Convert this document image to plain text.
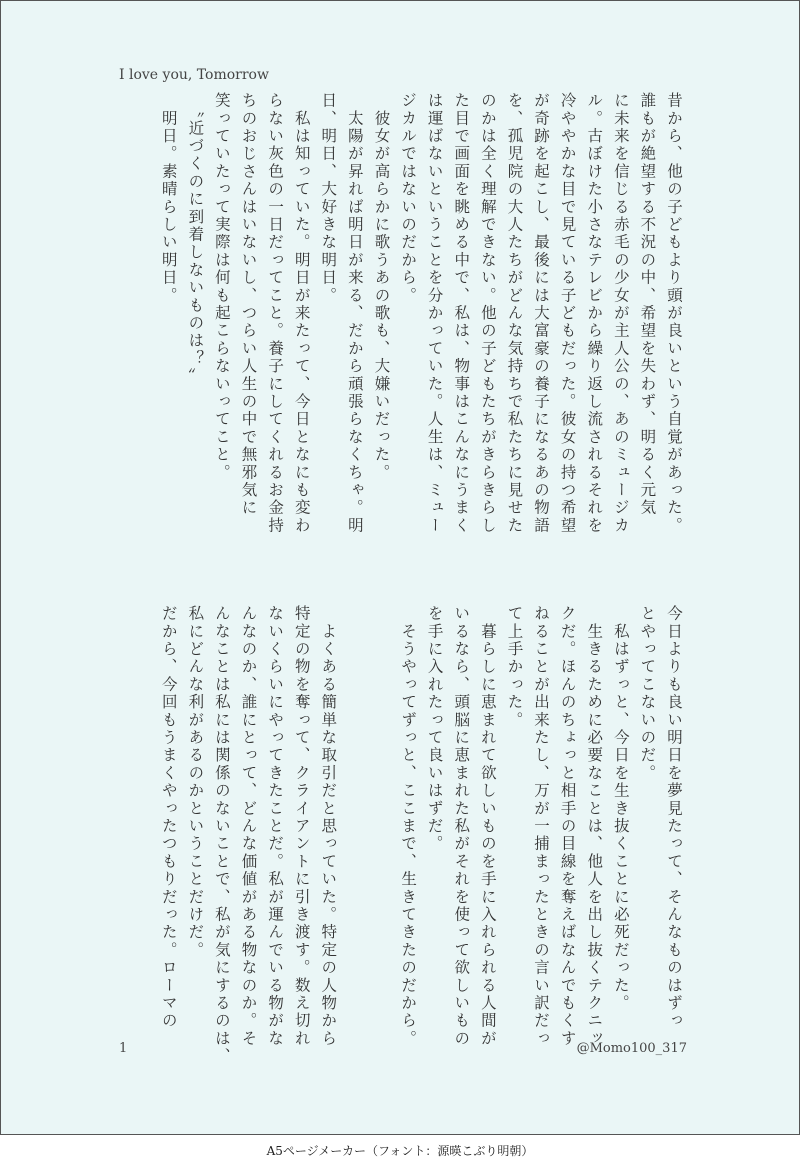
I love you, Tomorrow
昔から、他の子どもより頭が良いという自覚があった。
誰もが絶望する不況の中、希望を失わず、明るく元気
に未来を信じる赤毛の少女が主人公の、あのミュージカ
ル。古ぼけた小さなテレビから繰り返し流されるそれを
冷ややかな目で見ている子どもだった。彼女の持つ希望
が奇跡を起こし、最後には大富豪の養子になるあの物語
を、孤児院の大人たちがどんな気持ちで私たちに見せた
のかは全く理解できない。他の子どもたちがきらきらし
た目で画面を眺める中で、私は、物事はこんなにうまく
は運ばないということを分かっていた。人生は、ミュー
ジカルではないのだから。
　彼女が高らかに歌うあの歌も、大嫌いだった。
　太陽が昇れば明日が来る、だから頑張らなくちゃ。明
日、明日、大好きな明日。
　私は知っていた。明日が来たって、今日となにも変わ
らない灰色の一日だってこと。養子にしてくれるお金持
ちのおじさんはいないし、つらい人生の中で無邪気に
笑っていたって実際は何も起こらないってこと。
　〝近づくのに到着しないものは？〟
　明日。素晴らしい明日。
今日よりも良い明日を夢見たって、そんなものはずっ
とやってこないのだ。
　私はずっと、今日を生き抜くことに必死だった。
　生きるために必要なことは、他人を出し抜くテクニッ
クだ。ほんのちょっと相手の目線を奪えばなんでもくす
ねることが出来たし、万が一捕まったときの言い訳だっ
て上手かった。
　暮らしに恵まれて欲しいものを手に入れられる人間が
いるなら、頭脳に恵まれた私がそれを使って欲しいもの
を手に入れたって良いはずだ。
　そうやってずっと、ここまで、生きてきたのだから。

　よくある簡単な取引だと思っていた。特定の人物から
特定の物を奪って、クライアントに引き渡す。数え切れ
ないくらいにやってきたことだ。私が運んでいる物がな
んなのか、誰にとって、どんな価値がある物なのか。そ
んなことは私には関係のないことで、私が気にするのは、
私にどんな利があるのかということだけだ。
だから、今回もうまくやったつもりだった。ローマの
1	@Momo100_317
A5ページメーカー（フォント：源暎こぶり明朝）
